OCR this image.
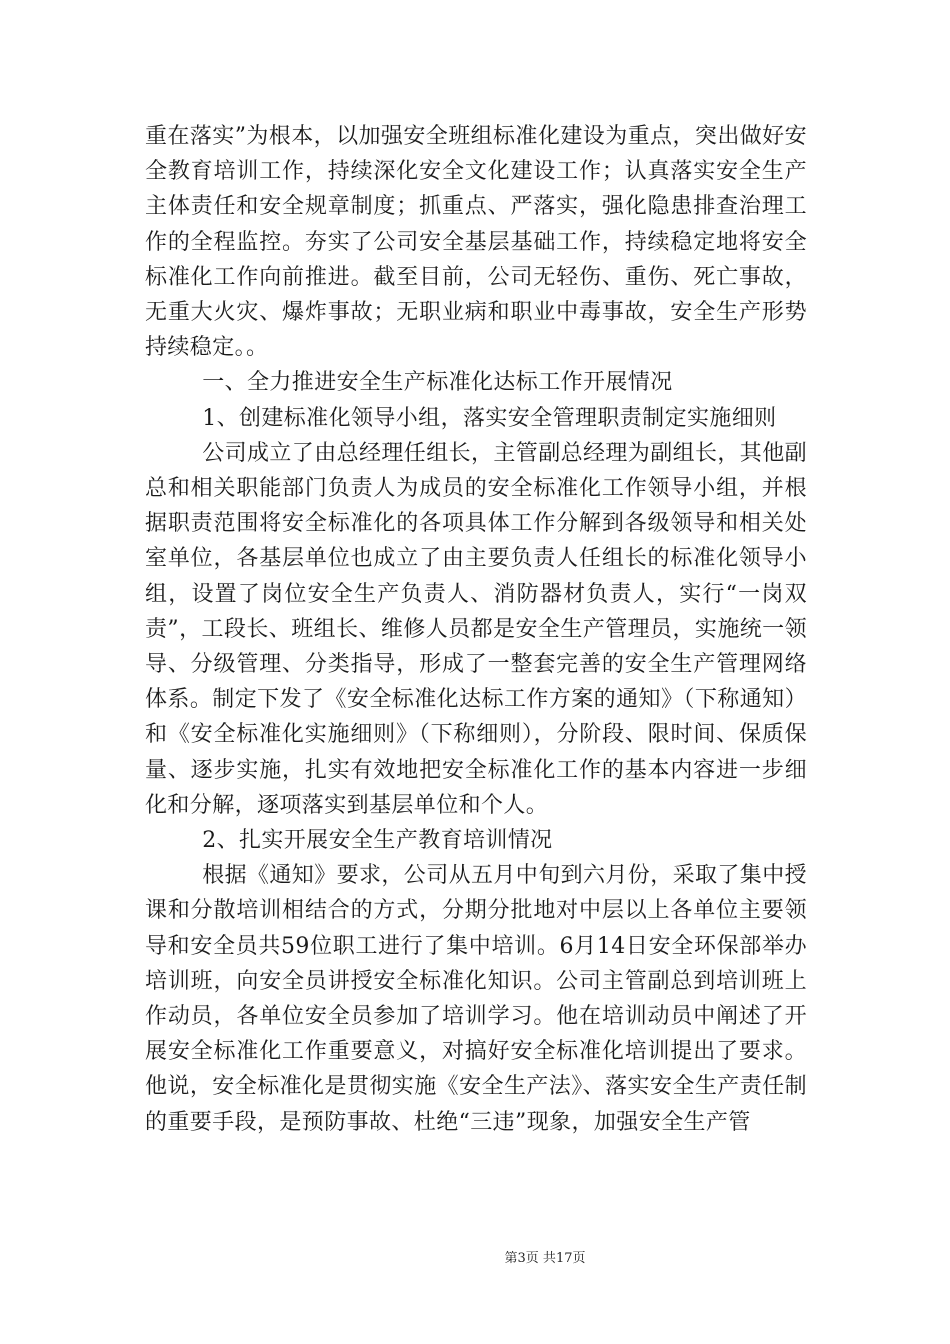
重在落实”为根本，以加强安全班组标准化建设为重点，突出做好安全教育培训工作，持续深化安全文化建设工作；认真落实安全生产主体责任和安全规章制度；抓重点、严落实，强化隐患排查治理工作的全程监控。夯实了公司安全基层基础工作，持续稳定地将安全标准化工作向前推进。截至目前，公司无轻伤、重伤、死亡事故，无重大火灾、爆炸事故；无职业病和职业中毒事故，安全生产形势持续稳定。。

一、全力推进安全生产标准化达标工作开展情况

1、创建标准化领导小组，落实安全管理职责制定实施细则

公司成立了由总经理任组长，主管副总经理为副组长，其他副总和相关职能部门负责人为成员的安全标准化工作领导小组，并根据职责范围将安全标准化的各项具体工作分解到各级领导和相关处室单位，各基层单位也成立了由主要负责人任组长的标准化领导小组，设置了岗位安全生产负责人、消防器材负责人，实行“一岗双责”，工段长、班组长、维修人员都是安全生产管理员，实施统一领导、分级管理、分类指导，形成了一整套完善的安全生产管理网络体系。制定下发了《安全标准化达标工作方案的通知》（下称通知）和《安全标准化实施细则》（下称细则），分阶段、限时间、保质保量、逐步实施，扎实有效地把安全标准化工作的基本内容进一步细化和分解，逐项落实到基层单位和个人。

2、扎实开展安全生产教育培训情况

根据《通知》要求，公司从五月中旬到六月份，采取了集中授课和分散培训相结合的方式，分期分批地对中层以上各单位主要领导和安全员共59位职工进行了集中培训。6月14日安全环保部举办培训班，向安全员讲授安全标准化知识。公司主管副总到培训班上作动员，各单位安全员参加了培训学习。他在培训动员中阐述了开展安全标准化工作重要意义，对搞好安全标准化培训提出了要求。他说，安全标准化是贯彻实施《安全生产法》、落实安全生产责任制的重要手段，是预防事故、杜绝“三违”现象，加强安全生产管

第3页 共17页
